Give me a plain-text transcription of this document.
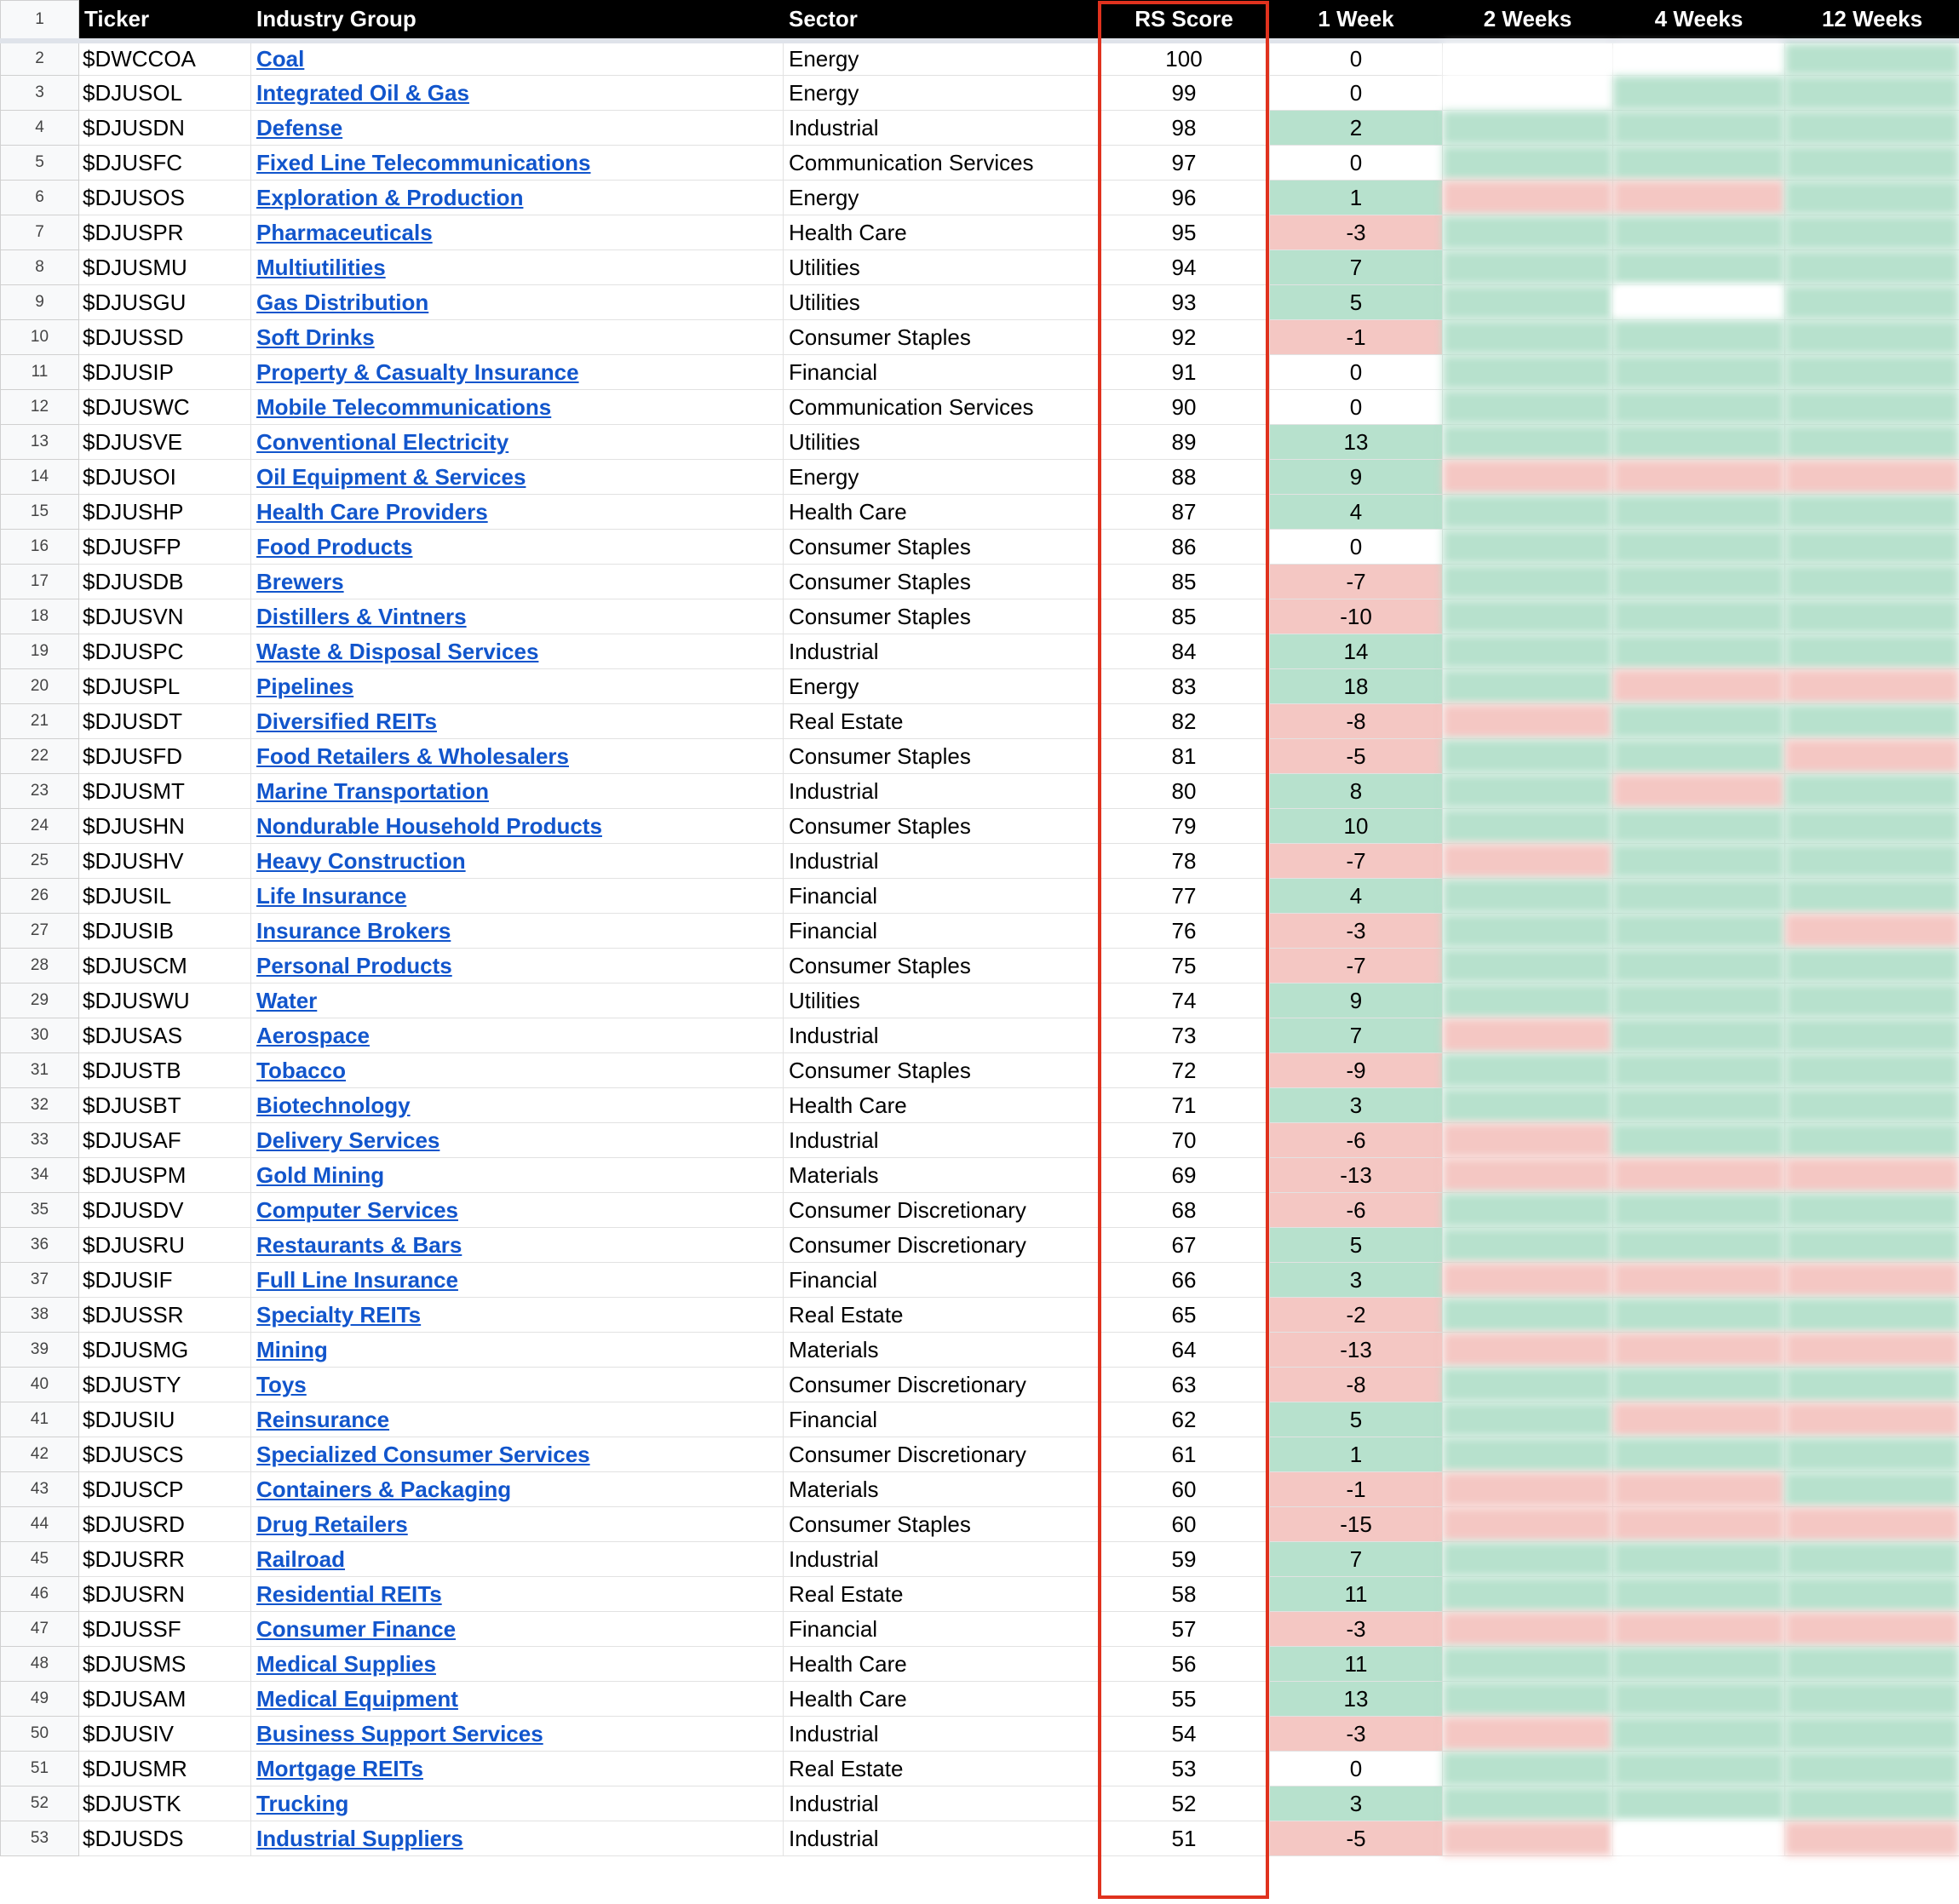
1	Ticker	Industry Group	Sector	RS Score	1 Week	2 Weeks	4 Weeks	12 Weeks
2	$DWCCOA	Coal	Energy	100	0			
3	$DJUSOL	Integrated Oil & Gas	Energy	99	0			
4	$DJUSDN	Defense	Industrial	98	2			
5	$DJUSFC	Fixed Line Telecommunications	Communication Services	97	0			
6	$DJUSOS	Exploration & Production	Energy	96	1			
7	$DJUSPR	Pharmaceuticals	Health Care	95	-3			
8	$DJUSMU	Multiutilities	Utilities	94	7			
9	$DJUSGU	Gas Distribution	Utilities	93	5			
10	$DJUSSD	Soft Drinks	Consumer Staples	92	-1			
11	$DJUSIP	Property & Casualty Insurance	Financial	91	0			
12	$DJUSWC	Mobile Telecommunications	Communication Services	90	0			
13	$DJUSVE	Conventional Electricity	Utilities	89	13			
14	$DJUSOI	Oil Equipment & Services	Energy	88	9			
15	$DJUSHP	Health Care Providers	Health Care	87	4			
16	$DJUSFP	Food Products	Consumer Staples	86	0			
17	$DJUSDB	Brewers	Consumer Staples	85	-7			
18	$DJUSVN	Distillers & Vintners	Consumer Staples	85	-10			
19	$DJUSPC	Waste & Disposal Services	Industrial	84	14			
20	$DJUSPL	Pipelines	Energy	83	18			
21	$DJUSDT	Diversified REITs	Real Estate	82	-8			
22	$DJUSFD	Food Retailers & Wholesalers	Consumer Staples	81	-5			
23	$DJUSMT	Marine Transportation	Industrial	80	8			
24	$DJUSHN	Nondurable Household Products	Consumer Staples	79	10			
25	$DJUSHV	Heavy Construction	Industrial	78	-7			
26	$DJUSIL	Life Insurance	Financial	77	4			
27	$DJUSIB	Insurance Brokers	Financial	76	-3			
28	$DJUSCM	Personal Products	Consumer Staples	75	-7			
29	$DJUSWU	Water	Utilities	74	9			
30	$DJUSAS	Aerospace	Industrial	73	7			
31	$DJUSTB	Tobacco	Consumer Staples	72	-9			
32	$DJUSBT	Biotechnology	Health Care	71	3			
33	$DJUSAF	Delivery Services	Industrial	70	-6			
34	$DJUSPM	Gold Mining	Materials	69	-13			
35	$DJUSDV	Computer Services	Consumer Discretionary	68	-6			
36	$DJUSRU	Restaurants & Bars	Consumer Discretionary	67	5			
37	$DJUSIF	Full Line Insurance	Financial	66	3			
38	$DJUSSR	Specialty REITs	Real Estate	65	-2			
39	$DJUSMG	Mining	Materials	64	-13			
40	$DJUSTY	Toys	Consumer Discretionary	63	-8			
41	$DJUSIU	Reinsurance	Financial	62	5			
42	$DJUSCS	Specialized Consumer Services	Consumer Discretionary	61	1			
43	$DJUSCP	Containers & Packaging	Materials	60	-1			
44	$DJUSRD	Drug Retailers	Consumer Staples	60	-15			
45	$DJUSRR	Railroad	Industrial	59	7			
46	$DJUSRN	Residential REITs	Real Estate	58	11			
47	$DJUSSF	Consumer Finance	Financial	57	-3			
48	$DJUSMS	Medical Supplies	Health Care	56	11			
49	$DJUSAM	Medical Equipment	Health Care	55	13			
50	$DJUSIV	Business Support Services	Industrial	54	-3			
51	$DJUSMR	Mortgage REITs	Real Estate	53	0			
52	$DJUSTK	Trucking	Industrial	52	3			
53	$DJUSDS	Industrial Suppliers	Industrial	51	-5			
